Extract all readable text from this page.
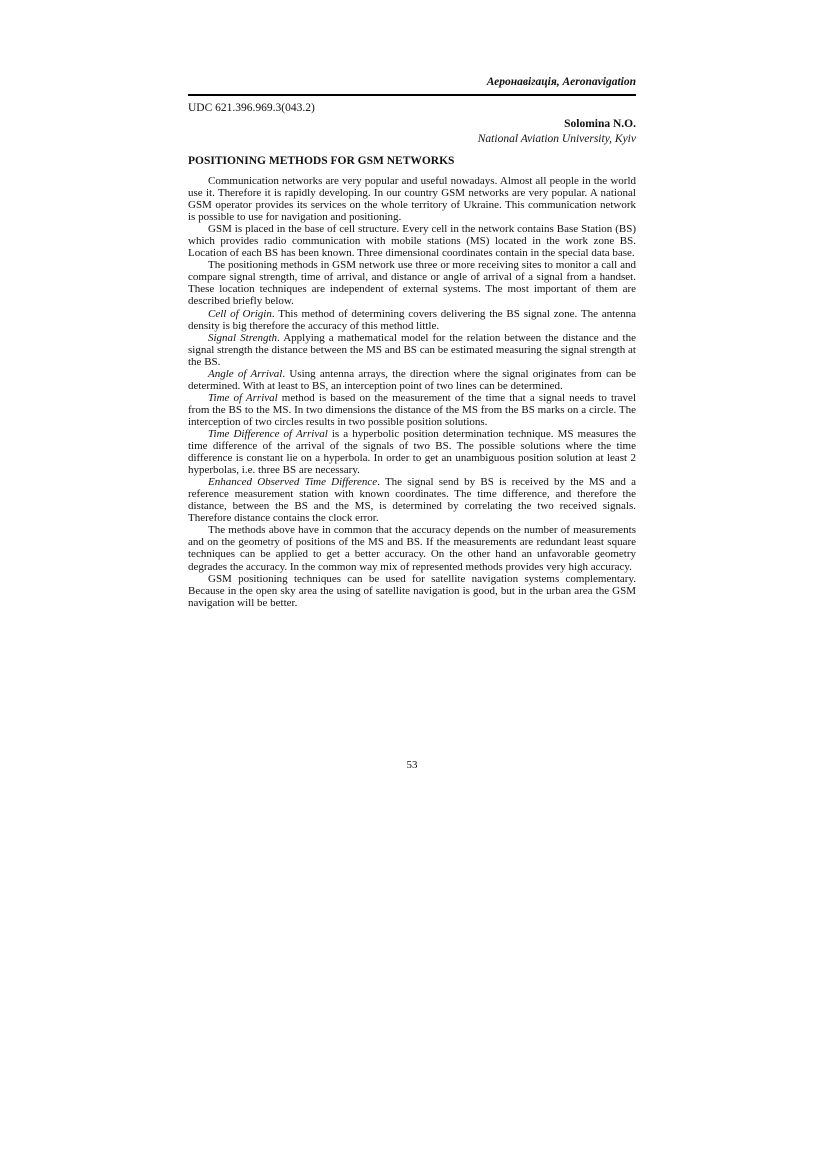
Аеронавігація, Aeronavigation
UDC 621.396.969.3(043.2)
Solomina N.O.
National Aviation University, Kyiv
POSITIONING METHODS FOR GSM NETWORKS

Communication networks are very popular and useful nowadays. Almost all people in the world use it. Therefore it is rapidly developing. In our country GSM networks are very popular. A national GSM operator provides its services on the whole territory of Ukraine. This communication network is possible to use for navigation and positioning.

GSM is placed in the base of cell structure. Every cell in the network contains Base Station (BS) which provides radio communication with mobile stations (MS) located in the work zone BS. Location of each BS has been known. Three dimensional coordinates contain in the special data base.

The positioning methods in GSM network use three or more receiving sites to monitor a call and compare signal strength, time of arrival, and distance or angle of arrival of a signal from a handset. These location techniques are independent of external systems. The most important of them are described briefly below.

Cell of Origin. This method of determining covers delivering the BS signal zone. The antenna density is big therefore the accuracy of this method little.

Signal Strength. Applying a mathematical model for the relation between the distance and the signal strength the distance between the MS and BS can be estimated measuring the signal strength at the BS.

Angle of Arrival. Using antenna arrays, the direction where the signal originates from can be determined. With at least to BS, an interception point of two lines can be determined.

Time of Arrival method is based on the measurement of the time that a signal needs to travel from the BS to the MS. In two dimensions the distance of the MS from the BS marks on a circle. The interception of two circles results in two possible position solutions.

Time Difference of Arrival is a hyperbolic position determination technique. MS measures the time difference of the arrival of the signals of two BS. The possible solutions where the time difference is constant lie on a hyperbola. In order to get an unambiguous position solution at least 2 hyperbolas, i.e. three BS are necessary.

Enhanced Observed Time Difference. The signal send by BS is received by the MS and a reference measurement station with known coordinates. The time difference, and therefore the distance, between the BS and the MS, is determined by correlating the two received signals. Therefore distance contains the clock error.

The methods above have in common that the accuracy depends on the number of measurements and on the geometry of positions of the MS and BS. If the measurements are redundant least square techniques can be applied to get a better accuracy. On the other hand an unfavorable geometry degrades the accuracy. In the common way mix of represented methods provides very high accuracy.

GSM positioning techniques can be used for satellite navigation systems complementary. Because in the open sky area the using of satellite navigation is good, but in the urban area the GSM navigation will be better.

53
